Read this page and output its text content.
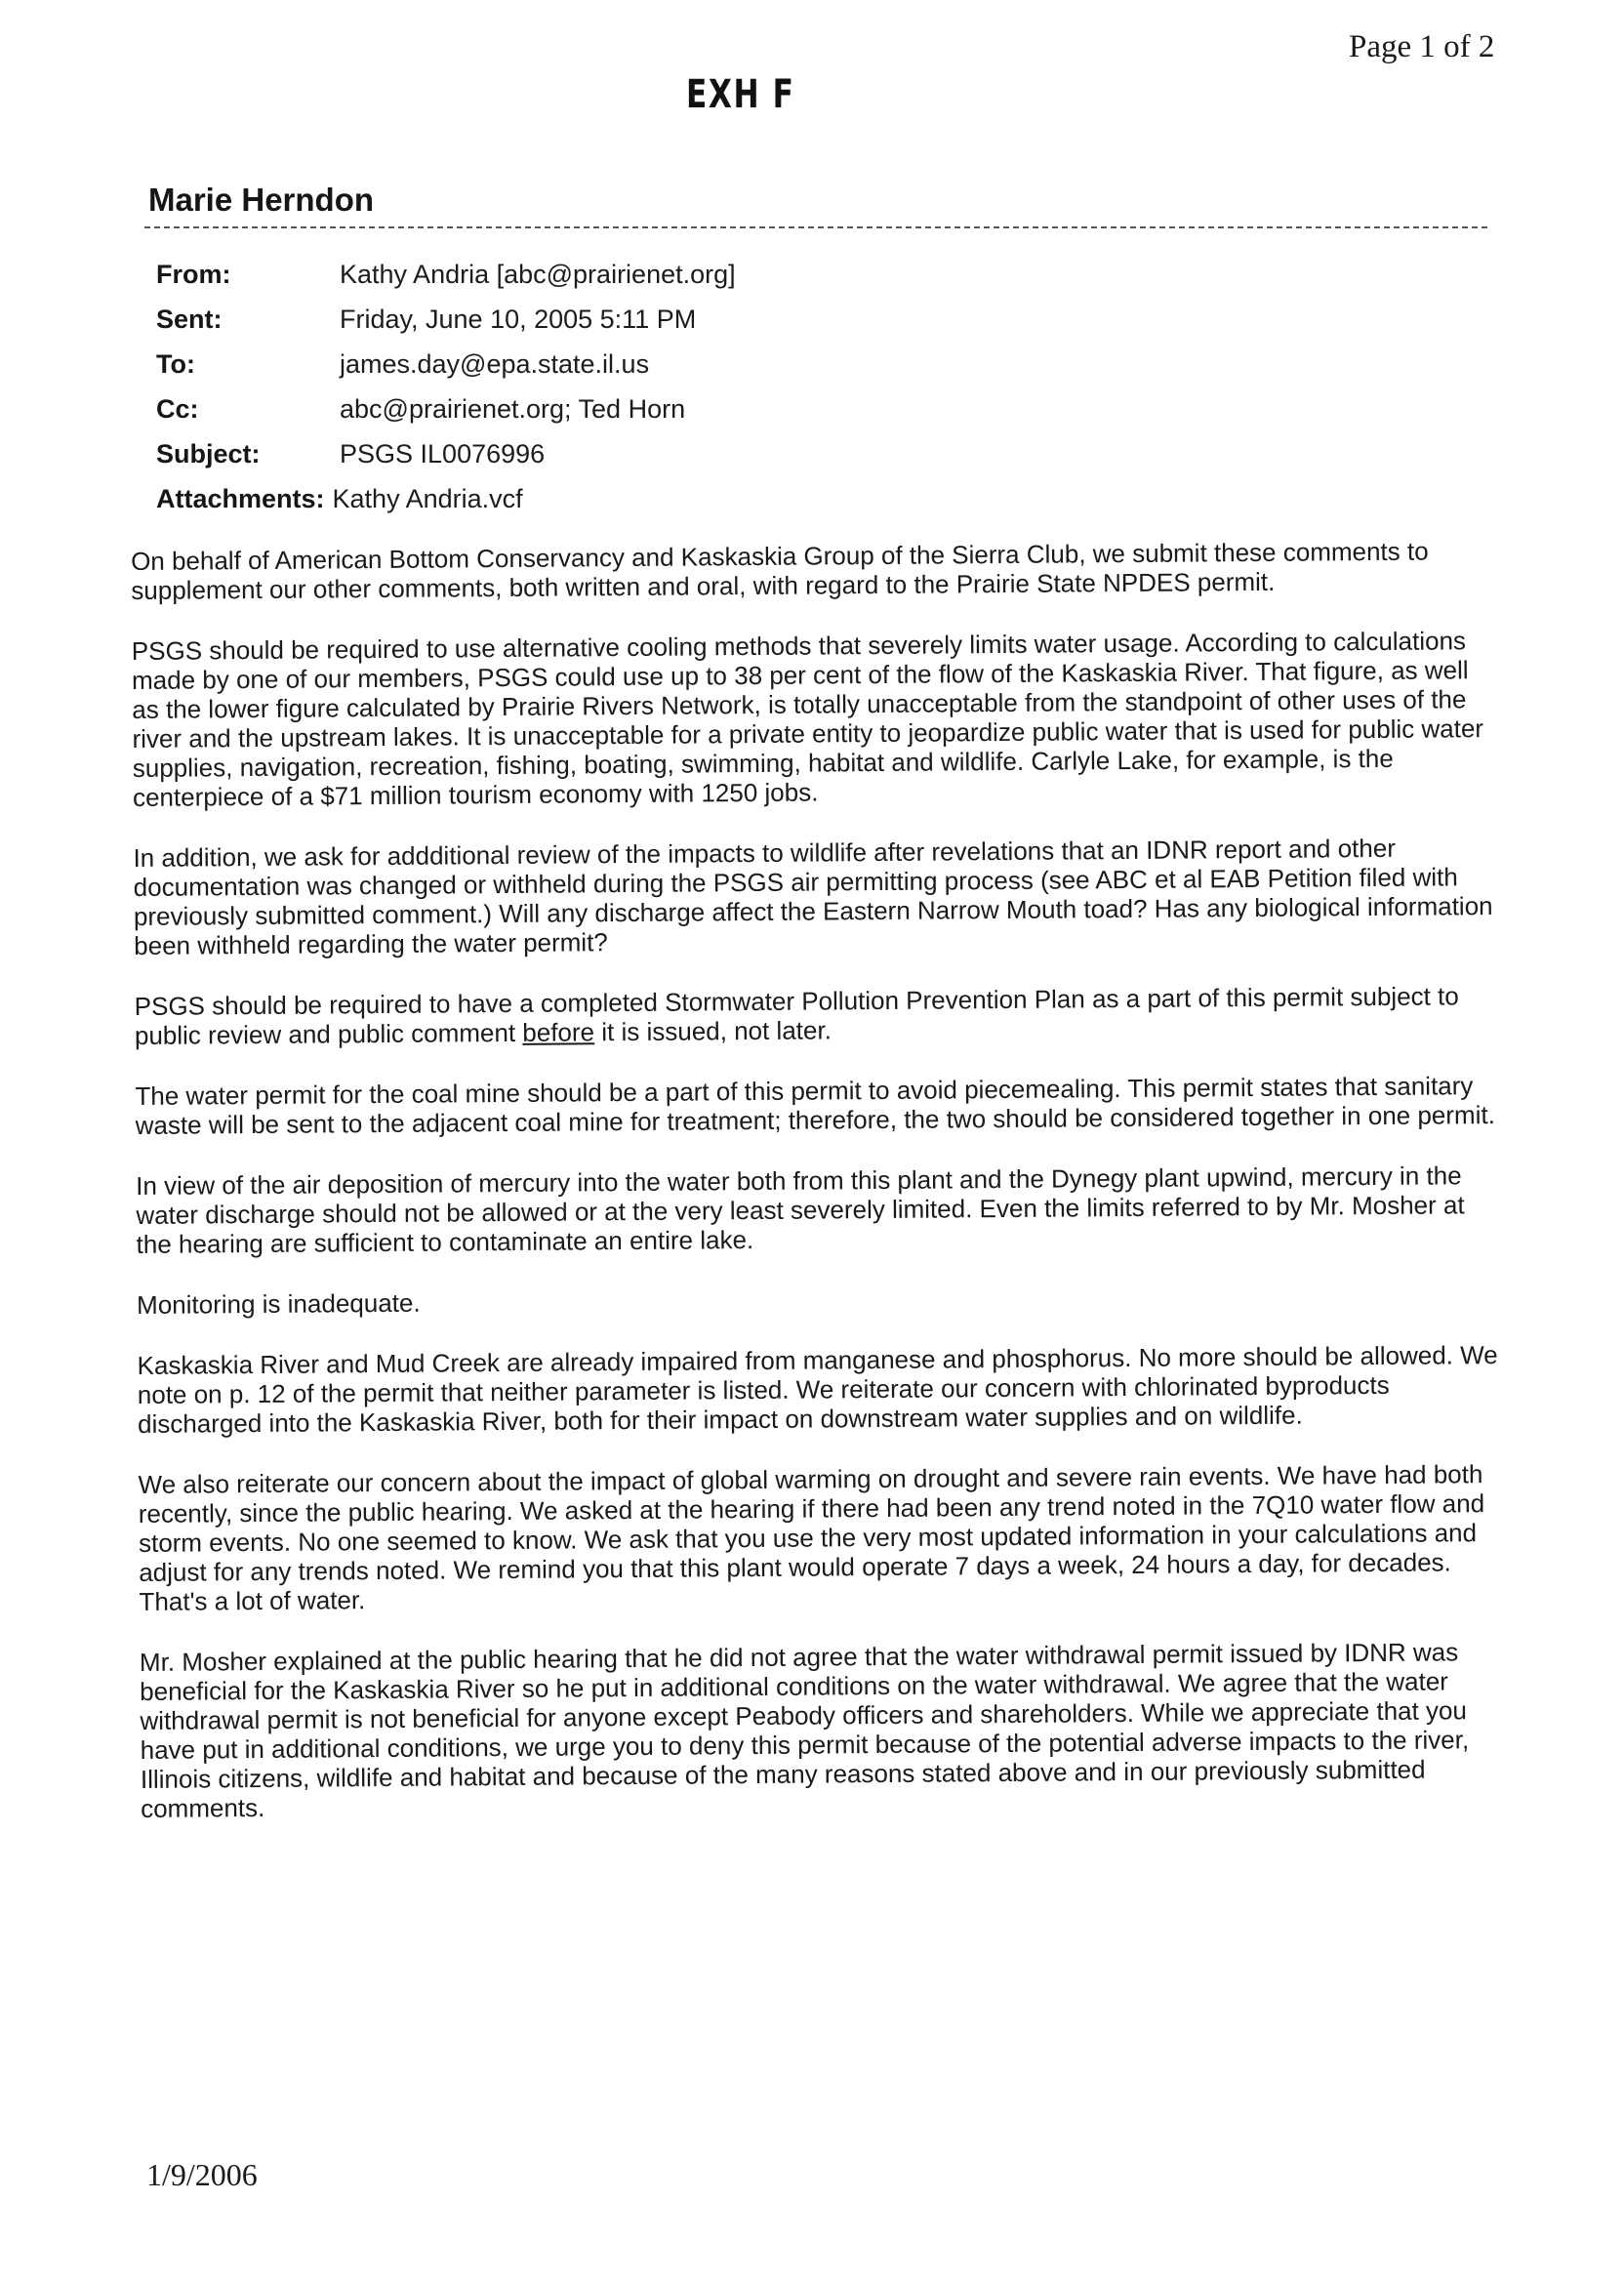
Page 1 of 2
EXH F
Marie Herndon
From:	Kathy Andria [abc@prairienet.org]
Sent:	Friday, June 10, 2005 5:11 PM
To:	james.day@epa.state.il.us
Cc:	abc@prairienet.org; Ted Horn
Subject:	PSGS IL0076996
Attachments: Kathy Andria.vcf

On behalf of American Bottom Conservancy and Kaskaskia Group of the Sierra Club, we submit these comments to supplement our other comments, both written and oral, with regard to the Prairie State NPDES permit.

PSGS should be required to use alternative cooling methods that severely limits water usage. According to calculations made by one of our members, PSGS could use up to 38 per cent of the flow of the Kaskaskia River. That figure, as well as the lower figure calculated by Prairie Rivers Network, is totally unacceptable from the standpoint of other uses of the river and the upstream lakes. It is unacceptable for a private entity to jeopardize public water that is used for public water supplies, navigation, recreation, fishing, boating, swimming, habitat and wildlife. Carlyle Lake, for example, is the centerpiece of a $71 million tourism economy with 1250 jobs.

In addition, we ask for addditional review of the impacts to wildlife after revelations that an IDNR report and other documentation was changed or withheld during the PSGS air permitting process (see ABC et al EAB Petition filed with previously submitted comment.) Will any discharge affect the Eastern Narrow Mouth toad? Has any biological information been withheld regarding the water permit?

PSGS should be required to have a completed Stormwater Pollution Prevention Plan as a part of this permit subject to public review and public comment before it is issued, not later.

The water permit for the coal mine should be a part of this permit to avoid piecemealing. This permit states that sanitary waste will be sent to the adjacent coal mine for treatment; therefore, the two should be considered together in one permit.

In view of the air deposition of mercury into the water both from this plant and the Dynegy plant upwind, mercury in the water discharge should not be allowed or at the very least severely limited. Even the limits referred to by Mr. Mosher at the hearing are sufficient to contaminate an entire lake.

Monitoring is inadequate.

Kaskaskia River and Mud Creek are already impaired from manganese and phosphorus. No more should be allowed. We note on p. 12 of the permit that neither parameter is listed. We reiterate our concern with chlorinated byproducts discharged into the Kaskaskia River, both for their impact on downstream water supplies and on wildlife.

We also reiterate our concern about the impact of global warming on drought and severe rain events. We have had both recently, since the public hearing. We asked at the hearing if there had been any trend noted in the 7Q10 water flow and storm events. No one seemed to know. We ask that you use the very most updated information in your calculations and adjust for any trends noted. We remind you that this plant would operate 7 days a week, 24 hours a day, for decades. That's a lot of water.

Mr. Mosher explained at the public hearing that he did not agree that the water withdrawal permit issued by IDNR was beneficial for the Kaskaskia River so he put in additional conditions on the water withdrawal. We agree that the water withdrawal permit is not beneficial for anyone except Peabody officers and shareholders. While we appreciate that you have put in additional conditions, we urge you to deny this permit because of the potential adverse impacts to the river, Illinois citizens, wildlife and habitat and because of the many reasons stated above and in our previously submitted comments.

1/9/2006
